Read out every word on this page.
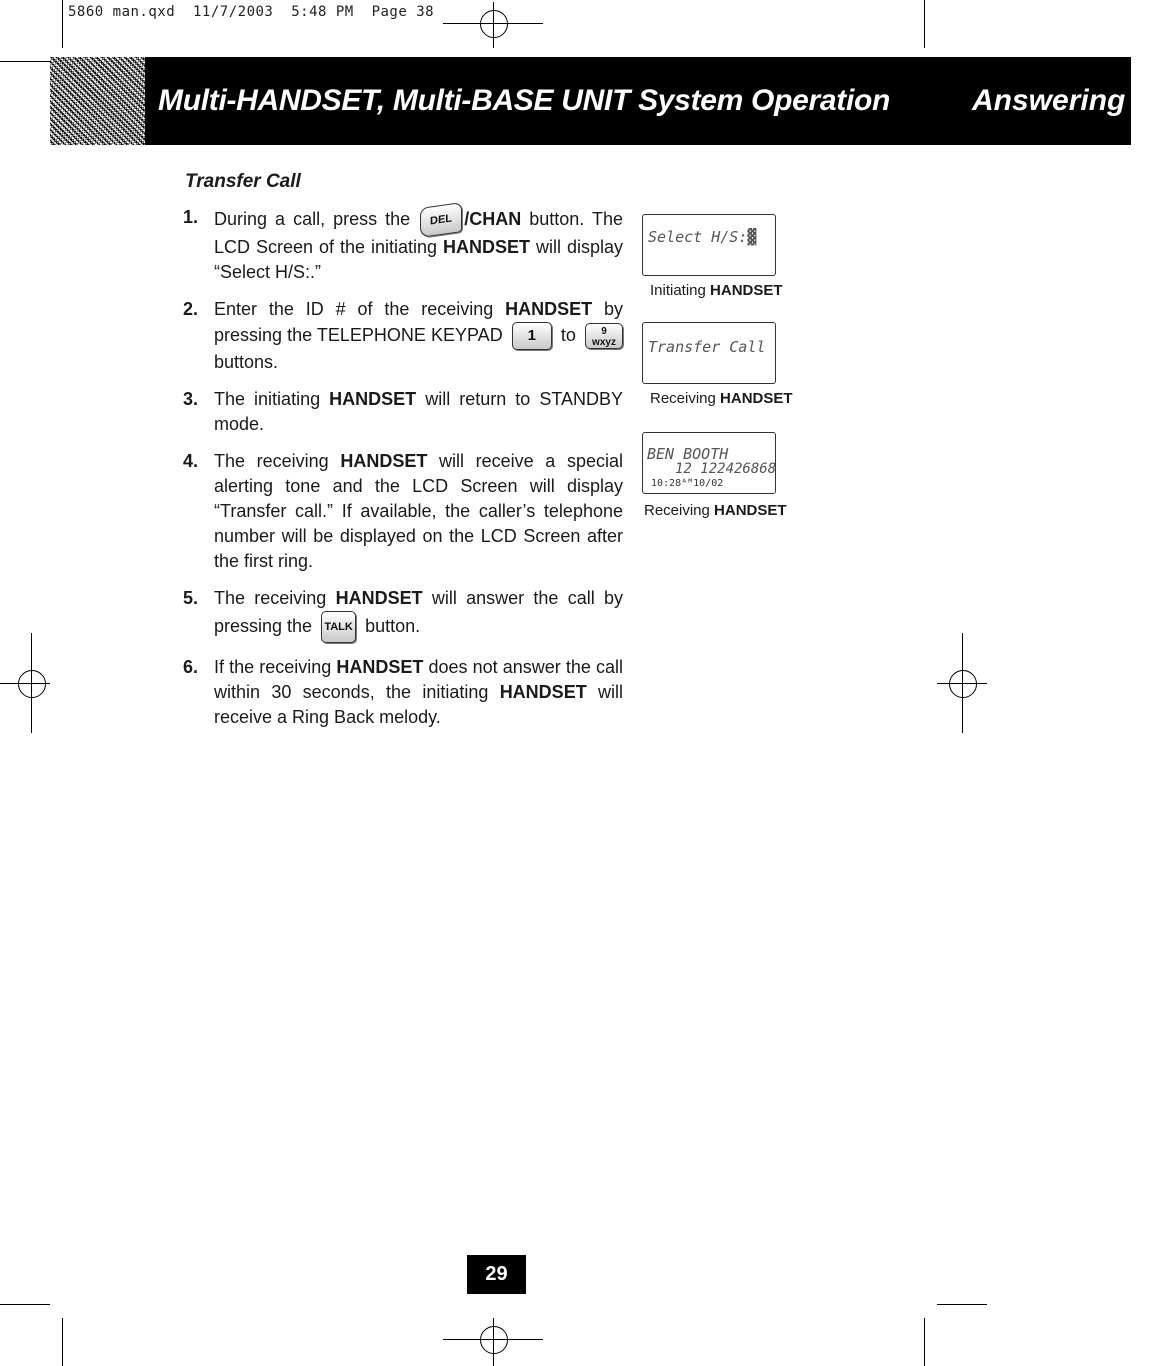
5860 man.qxd  11/7/2003  5:48 PM  Page 38
Multi-HANDSET, Multi-BASE UNIT System Operation	Answering S
Transfer Call
1. During a call, press the DEL /CHAN button. The LCD Screen of the initiating HANDSET will display “Select H/S:.”
2. Enter the ID # of the receiving HANDSET by pressing the TELEPHONE KEYPAD 1 to	9
wxyz buttons.
3. The initiating HANDSET will return to STANDBY mode.
4. The receiving HANDSET will receive a special alerting tone and the LCD Screen will display “Transfer call.” If available, the caller’s telephone number will be displayed on the LCD Screen after the first ring.
5. The receiving HANDSET will answer the call by pressing the TALK button.
6. If the receiving HANDSET does not answer the call within 30 seconds, the initiating HANDSET will receive a Ring Back melody.
Select H/S:▓
Initiating HANDSET
Transfer Call
Receiving HANDSET
BEN BOOTH
12 122426868
10:28ᴬᴹ10/02
Receiving HANDSET
29
